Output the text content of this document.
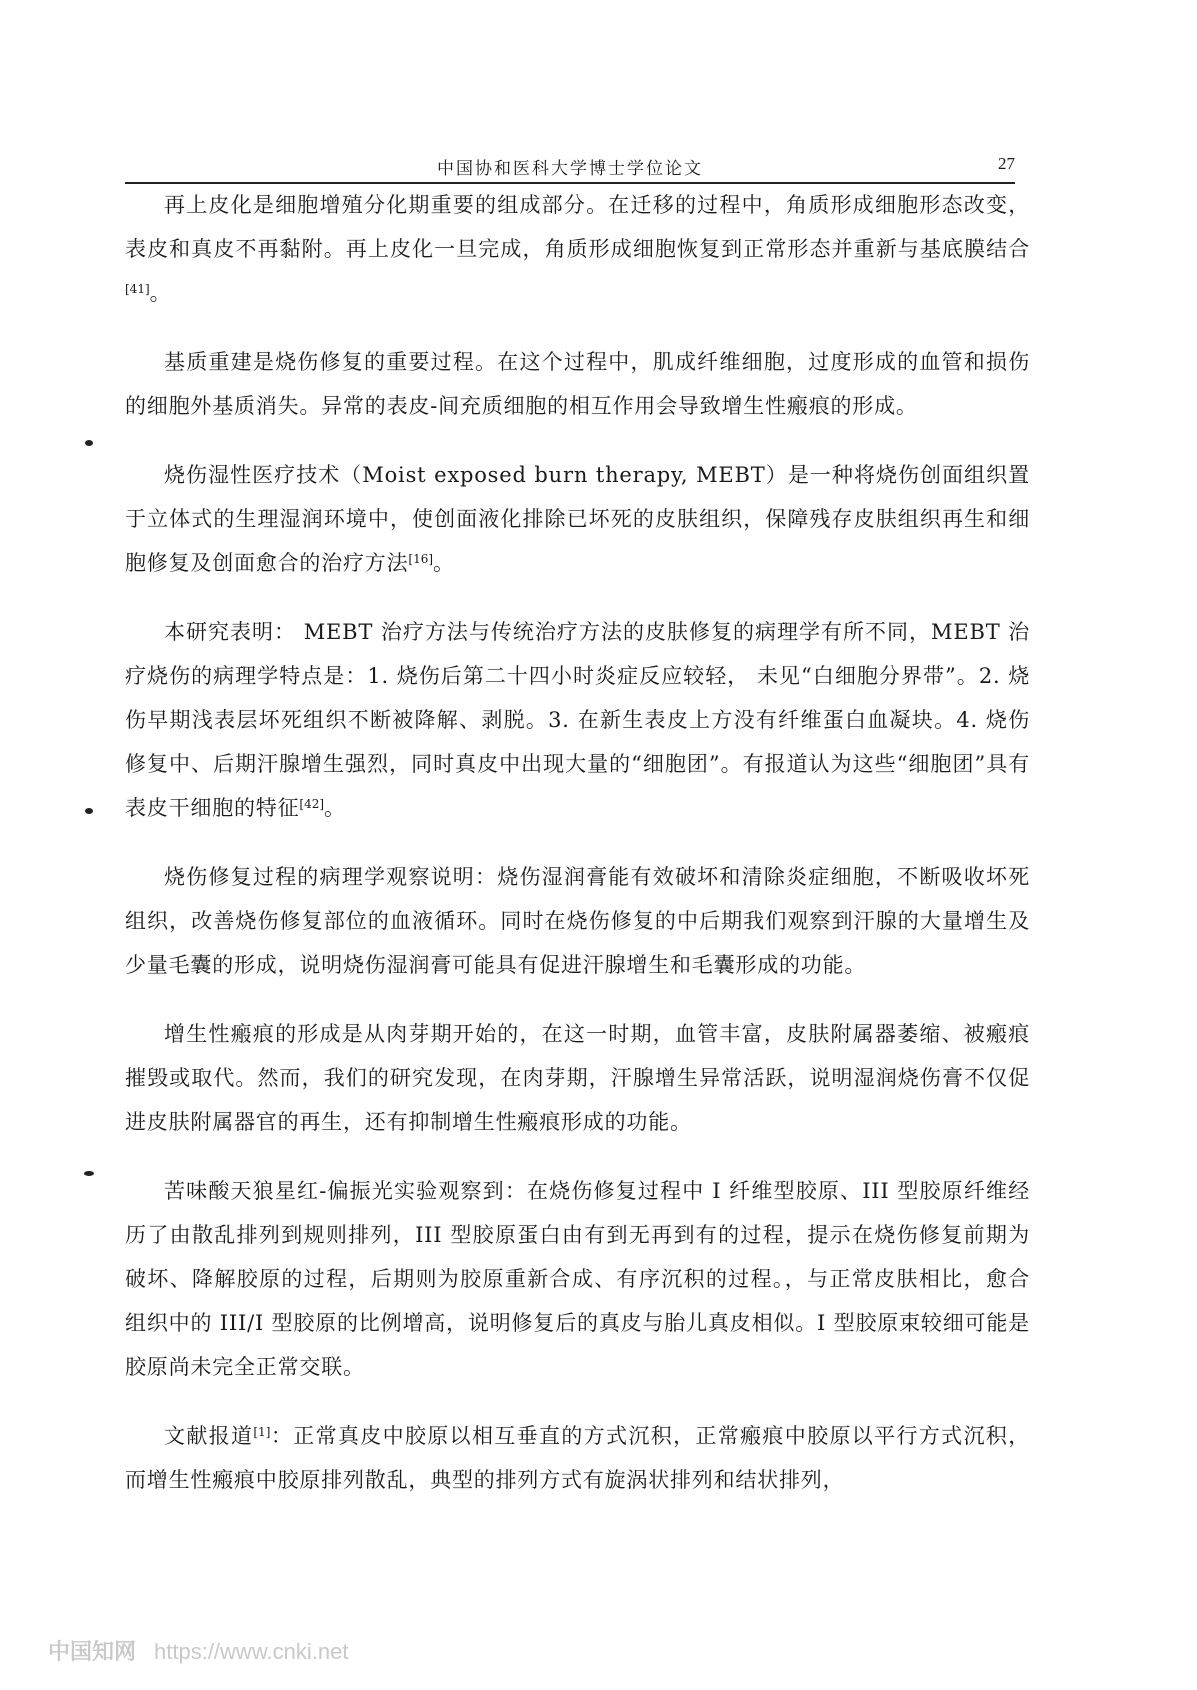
中国协和医科大学博士学位论文	27

再上皮化是细胞增殖分化期重要的组成部分。在迁移的过程中，角质形成细胞形态改变，表皮和真皮不再黏附。再上皮化一旦完成，角质形成细胞恢复到正常形态并重新与基底膜结合[41]。

基质重建是烧伤修复的重要过程。在这个过程中，肌成纤维细胞，过度形成的血管和损伤的细胞外基质消失。异常的表皮-间充质细胞的相互作用会导致增生性瘢痕的形成。

烧伤湿性医疗技术（Moist exposed burn therapy, MEBT）是一种将烧伤创面组织置于立体式的生理湿润环境中，使创面液化排除已坏死的皮肤组织，保障残存皮肤组织再生和细胞修复及创面愈合的治疗方法[16]。

本研究表明： MEBT 治疗方法与传统治疗方法的皮肤修复的病理学有所不同，MEBT 治疗烧伤的病理学特点是：1. 烧伤后第二十四小时炎症反应较轻， 未见“白细胞分界带”。2. 烧伤早期浅表层坏死组织不断被降解、剥脱。3. 在新生表皮上方没有纤维蛋白血凝块。4. 烧伤修复中、后期汗腺增生强烈，同时真皮中出现大量的“细胞团”。有报道认为这些“细胞团”具有表皮干细胞的特征[42]。

烧伤修复过程的病理学观察说明：烧伤湿润膏能有效破坏和清除炎症细胞，不断吸收坏死组织，改善烧伤修复部位的血液循环。同时在烧伤修复的中后期我们观察到汗腺的大量增生及少量毛囊的形成，说明烧伤湿润膏可能具有促进汗腺增生和毛囊形成的功能。

增生性瘢痕的形成是从肉芽期开始的，在这一时期，血管丰富，皮肤附属器萎缩、被瘢痕摧毁或取代。然而，我们的研究发现，在肉芽期，汗腺增生异常活跃，说明湿润烧伤膏不仅促进皮肤附属器官的再生，还有抑制增生性瘢痕形成的功能。

苦味酸天狼星红-偏振光实验观察到：在烧伤修复过程中 I 纤维型胶原、III 型胶原纤维经历了由散乱排列到规则排列，III 型胶原蛋白由有到无再到有的过程，提示在烧伤修复前期为破坏、降解胶原的过程，后期则为胶原重新合成、有序沉积的过程。，与正常皮肤相比，愈合组织中的 III/I 型胶原的比例增高，说明修复后的真皮与胎儿真皮相似。I 型胶原束较细可能是胶原尚未完全正常交联。

文献报道[1]：正常真皮中胶原以相互垂直的方式沉积，正常瘢痕中胶原以平行方式沉积，而增生性瘢痕中胶原排列散乱，典型的排列方式有旋涡状排列和结状排列，

中国知网 https://www.cnki.net
